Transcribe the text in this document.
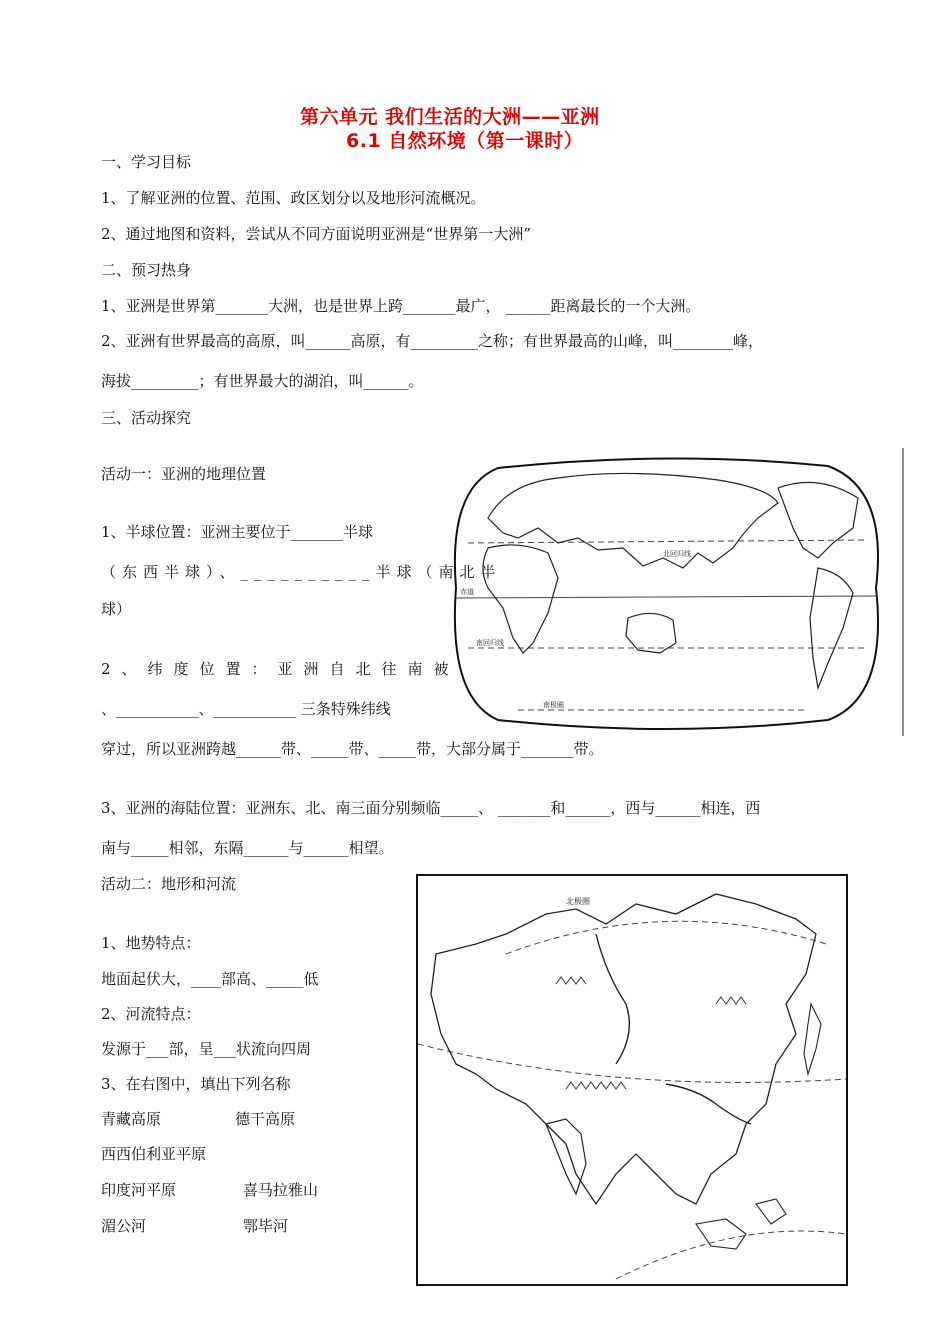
第六单元 我们生活的大洲——亚洲
6.1 自然环境（第一课时）
一、学习目标
1、了解亚洲的位置、范围、政区划分以及地形河流概况。
2、通过地图和资料，尝试从不同方面说明亚洲是“世界第一大洲”
二、预习热身
1、亚洲是世界第_______大洲，也是世界上跨_______最广， ______距离最长的一个大洲。
2、亚洲有世界最高的高原，叫______高原，有_________之称；有世界最高的山峰，叫________峰，
海拔_________；有世界最大的湖泊，叫______。
三、活动探究
活动一：亚洲的地理位置
1、半球位置：亚洲主要位于_______半球
（东西半球）、__________半球（南北半
球）
2、纬度位置：亚洲自北往南被
、___________、___________ 三条特殊纬线
穿过，所以亚洲跨越______带、_____带、_____带，大部分属于_______带。
3、亚洲的海陆位置：亚洲东、北、南三面分别频临_____、 _______和______，西与______相连，西
南与_____相邻，东隔______与______相望。
活动二：地形和河流
1、地势特点：
地面起伏大，____部高、_____低
2、河流特点：
发源于___部，呈___状流向四周
3、在右图中，填出下列名称
青藏高原	德干高原
西西伯利亚平原
印度河平原	喜马拉雅山
湄公河	鄂毕河
北回归线
赤道
南回归线
南极圈
北极圈
